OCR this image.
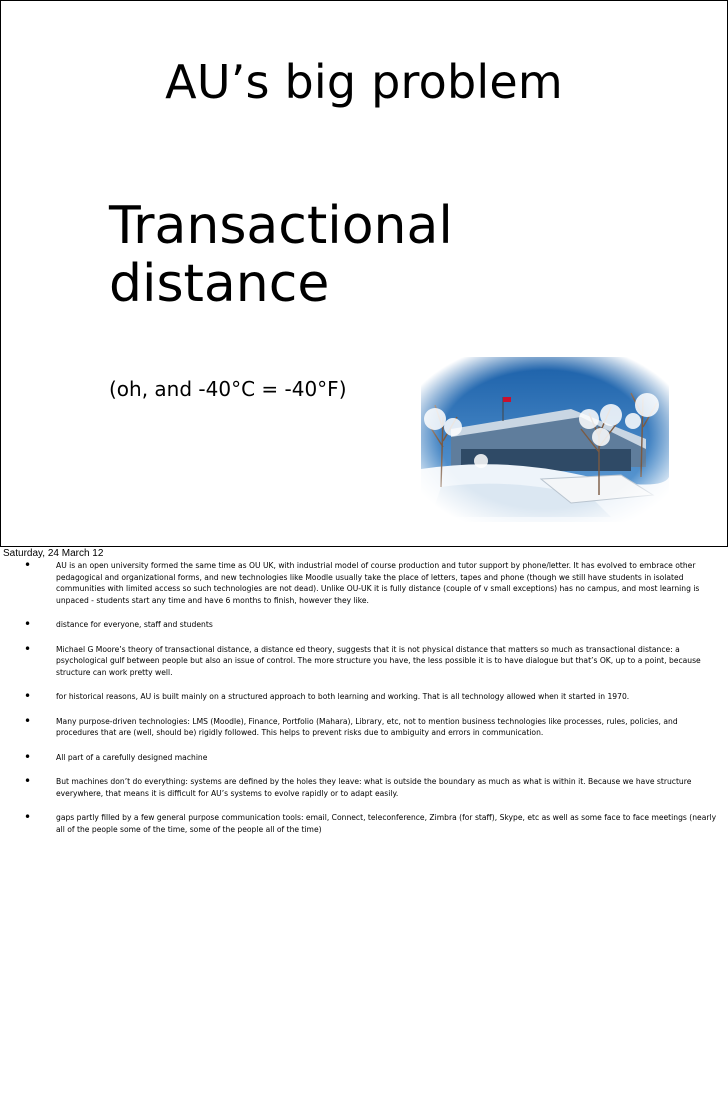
AU’s big problem
Transactional
distance
(oh, and -40°C = -40°F)
Saturday, 24 March 12
•	AU is an open university formed the same time as OU UK, with industrial model of course production and tutor support by phone/letter. It has evolved to embrace other pedagogical and organizational forms, and new technologies like Moodle usually take the place of letters, tapes and phone (though we still have students in isolated communities with limited access so such technologies are not dead). Unlike OU-UK it is fully distance (couple of v small exceptions) has no campus, and most learning is unpaced - students start any time and have 6 months to finish, however they like.
•	distance for everyone, staff and students
•	Michael G Moore’s theory of transactional distance, a distance ed theory, suggests that it is not physical distance that matters so much as transactional distance: a psychological gulf between people but also an issue of control. The more structure you have, the less possible it is to have dialogue but that’s OK, up to a point, because structure can work pretty well.
•	for historical reasons, AU is built mainly on a structured approach to both learning and working. That is all technology allowed when it started in 1970.
•	Many purpose-driven technologies: LMS (Moodle), Finance, Portfolio (Mahara), Library, etc, not to mention business technologies like processes, rules, policies, and procedures that are (well, should be) rigidly followed. This helps to prevent risks due to ambiguity and errors in communication.
•	All part of a carefully designed machine
•	But machines don’t do everything: systems are defined by the holes they leave: what is outside the boundary as much as what is within it. Because we have structure everywhere, that means it is difficult for AU’s systems to evolve rapidly or to adapt easily.
•	gaps partly filled by a few general purpose communication tools: email, Connect, teleconference, Zimbra (for staff), Skype, etc as well as some face to face meetings (nearly all of the people some of the time, some of the people all of the time)
